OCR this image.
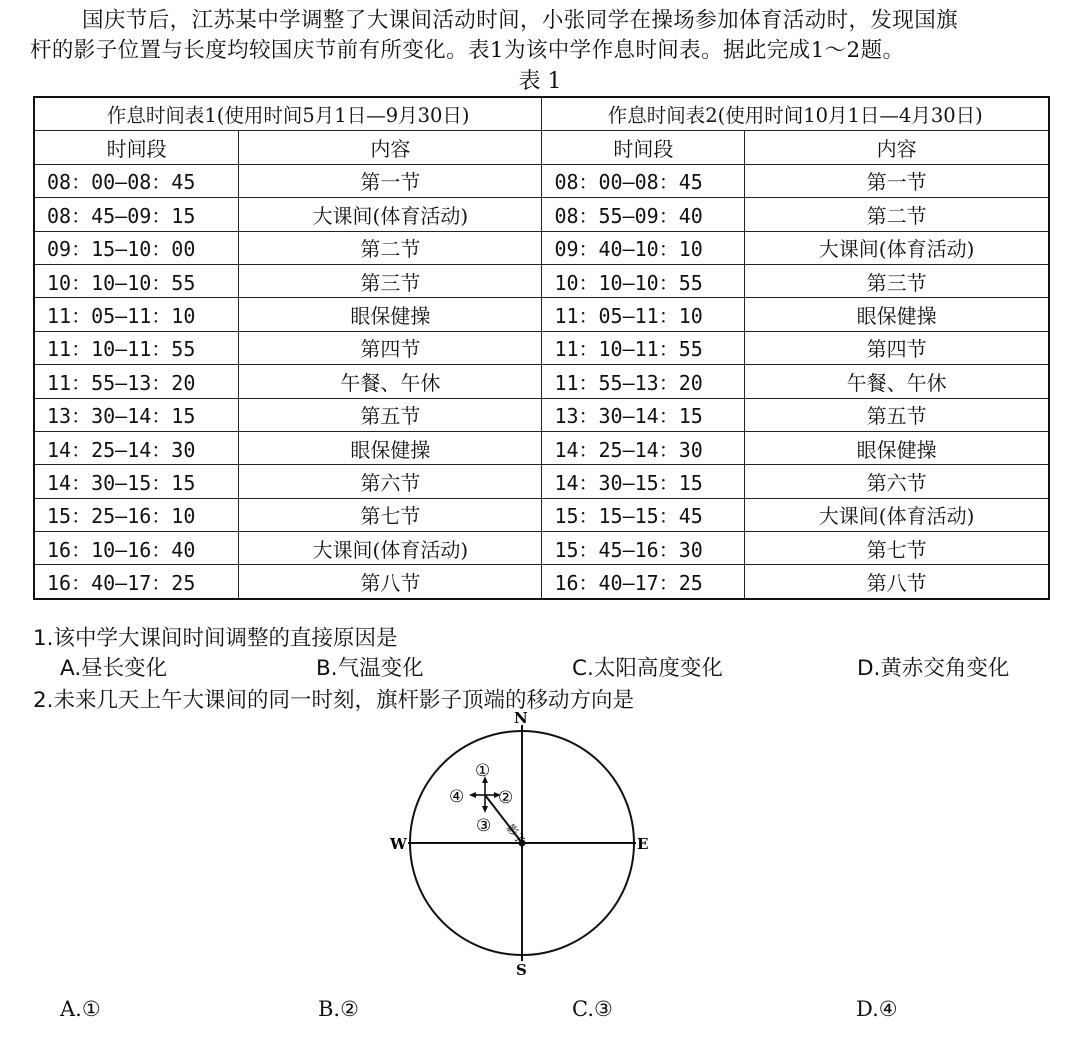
国庆节后，江苏某中学调整了大课间活动时间，小张同学在操场参加体育活动时，发现国旗
杆的影子位置与长度均较国庆节前有所变化。表1为该中学作息时间表。据此完成1～2题。
表 1
作息时间表1(使用时间5月1日—9月30日)		作息时间表2(使用时间10月1日—4月30日)	
时间段	内容	时间段	内容
08：00—08：45	第一节	08：00—08：45	第一节
08：45—09：15	大课间(体育活动)	08：55—09：40	第二节
09：15—10：00	第二节	09：40—10：10	大课间(体育活动)
10：10—10：55	第三节	10：10—10：55	第三节
11：05—11：10	眼保健操	11：05—11：10	眼保健操
11：10—11：55	第四节	11：10—11：55	第四节
11：55—13：20	午餐、午休	11：55—13：20	午餐、午休
13：30—14：15	第五节	13：30—14：15	第五节
14：25—14：30	眼保健操	14：25—14：30	眼保健操
14：30—15：15	第六节	14：30—15：15	第六节
15：25—16：10	第七节	15：15—15：45	大课间(体育活动)
16：10—16：40	大课间(体育活动)	15：45—16：30	第七节
16：40—17：25	第八节	16：40—17：25	第八节
1.该中学大课间时间调整的直接原因是
A.昼长变化	B.气温变化	C.太阳高度变化	D.黄赤交角变化
2.未来几天上午大课间的同一时刻，旗杆影子顶端的移动方向是
影子
①
②
③
④
N
S
E
W
A.①	B.②	C.③	D.④
